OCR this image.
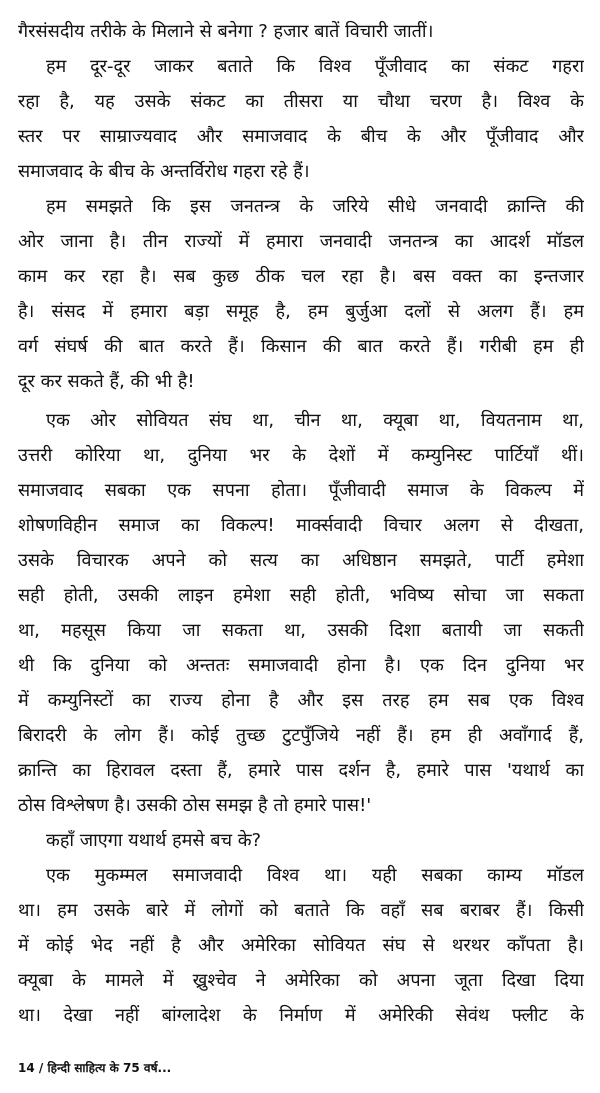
गैरसंसदीय तरीके के मिलाने से बनेगा ? हजार बातें विचारी जातीं।
हम दूर-दूर जाकर बताते कि विश्व पूँजीवाद का संकट गहरा
रहा है, यह उसके संकट का तीसरा या चौथा चरण है। विश्व के
स्तर पर साम्राज्यवाद और समाजवाद के बीच के और पूँजीवाद और
समाजवाद के बीच के अन्तर्विरोध गहरा रहे हैं।
हम समझते कि इस जनतन्त्र के जरिये सीधे जनवादी क्रान्ति की
ओर जाना है। तीन राज्यों में हमारा जनवादी जनतन्त्र का आदर्श मॉडल
काम कर रहा है। सब कुछ ठीक चल रहा है। बस वक्त का इन्तजार
है। संसद में हमारा बड़ा समूह है, हम बुर्जुआ दलों से अलग हैं। हम
वर्ग संघर्ष की बात करते हैं। किसान की बात करते हैं। गरीबी हम ही
दूर कर सकते हैं, की भी है!
एक ओर सोवियत संघ था, चीन था, क्यूबा था, वियतनाम था,
उत्तरी कोरिया था, दुनिया भर के देशों में कम्युनिस्ट पार्टियाँ थीं।
समाजवाद सबका एक सपना होता। पूँजीवादी समाज के विकल्प में
शोषणविहीन समाज का विकल्प! मार्क्सवादी विचार अलग से दीखता,
उसके विचारक अपने को सत्य का अधिष्ठान समझते, पार्टी हमेशा
सही होती, उसकी लाइन हमेशा सही होती, भविष्य सोचा जा सकता
था, महसूस किया जा सकता था, उसकी दिशा बतायी जा सकती
थी कि दुनिया को अन्ततः समाजवादी होना है। एक दिन दुनिया भर
में कम्युनिस्टों का राज्य होना है और इस तरह हम सब एक विश्व
बिरादरी के लोग हैं। कोई तुच्छ टुटपुँजिये नहीं हैं। हम ही अवाँगार्द हैं,
क्रान्ति का हिरावल दस्ता हैं, हमारे पास दर्शन है, हमारे पास 'यथार्थ का
ठोस विश्लेषण है। उसकी ठोस समझ है तो हमारे पास!'
कहाँ जाएगा यथार्थ हमसे बच के?
एक मुकम्मल समाजवादी विश्व था। यही सबका काम्य मॉडल
था। हम उसके बारे में लोगों को बताते कि वहाँ सब बराबर हैं। किसी
में कोई भेद नहीं है और अमेरिका सोवियत संघ से थरथर काँपता है।
क्यूबा के मामले में ख्रुश्चेव ने अमेरिका को अपना जूता दिखा दिया
था। देखा नहीं बांग्लादेश के निर्माण में अमेरिकी सेवंथ फ्लीट के
14 / हिन्दी साहित्य के 75 वर्ष...
